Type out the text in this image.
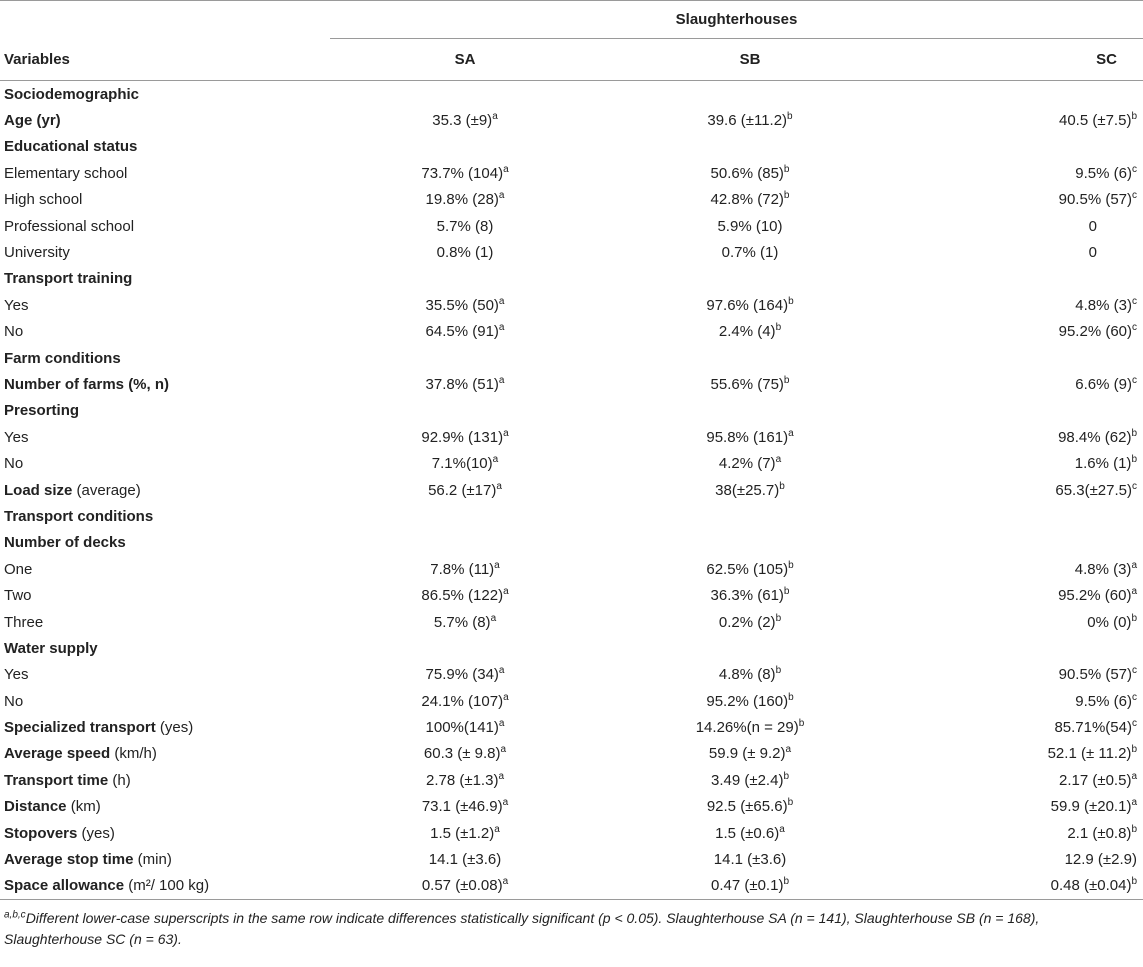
	Slaughterhouses		
Variables	SA	SB	SC
Sociodemographic			
Age (yr)	35.3 $(\pm 9)^a$	39.6 $(\pm 11.2)^b$	40.5 $(\pm 7.5)^b$
Educational status			
Elementary school	73.7% $(104)^a$	50.6% $(85)^b$	9.5% $(6)^c$
High school	19.8% $(28)^a$	42.8% $(72)^b$	90.5% $(57)^c$
Professional school	5.7% (8)	5.9% (10)	0
University	0.8% (1)	0.7% (1)	0
Transport training			
Yes	35.5% $(50)^a$	97.6% $(164)^b$	4.8% $(3)^c$
No	64.5% $(91)^a$	2.4% $(4)^b$	95.2% $(60)^c$
Farm conditions			
Number of farms (%, n)	37.8% $(51)^a$	55.6% $(75)^b$	6.6% $(9)^c$
Presorting			
Yes	92.9% $(131)^a$	95.8% $(161)^a$	98.4% $(62)^b$
No	$7.1\%(10)^a$	4.2% $(7)^a$	1.6% $(1)^b$
Load size (average)	56.2 $(\pm 17)^a$	$38(\pm 25.7)^b$	$65.3(\pm 27.5)^c$
Transport conditions			
Number of decks			
One	7.8% $(11)^a$	62.5% $(105)^b$	4.8% $(3)^a$
Two	86.5% $(122)^a$	36.3% $(61)^b$	95.2% $(60)^a$
Three	5.7% $(8)^a$	0.2% $(2)^b$	0% $(0)^b$
Water supply			
Yes	75.9% $(34)^a$	4.8% $(8)^b$	90.5% $(57)^c$
No	24.1% $(107)^a$	95.2% $(160)^b$	9.5% $(6)^c$
Specialized transport (yes)	$100\%(141)^a$	14.26%(n = 29)$^b$	$85.71\%(54)^c$
Average speed (km/h)	60.3 (± 9.8)$^a$	59.9 (± 9.2)$^a$	52.1 (± 11.2)$^b$
Transport time (h)	2.78 $(\pm 1.3)^a$	3.49 $(\pm 2.4)^b$	2.17 $(\pm 0.5)^a$
Distance (km)	73.1 $(\pm 46.9)^a$	92.5 $(\pm 65.6)^b$	59.9 $(\pm 20.1)^a$
Stopovers (yes)	1.5 $(\pm 1.2)^a$	1.5 $(\pm 0.6)^a$	2.1 $(\pm 0.8)^b$
Average stop time (min)	14.1 (±3.6)	14.1 (±3.6)	12.9 (±2.9)
Space allowance (m²/ 100 kg)	0.57 $(\pm 0.08)^a$	0.47 $(\pm 0.1)^b$	0.48 $(\pm 0.04)^b$
$^{a,b,c}$Different lower-case superscripts in the same row indicate differences statistically significant (p < 0.05). Slaughterhouse SA (n = 141), Slaughterhouse SB (n = 168), Slaughterhouse SC (n = 63).
